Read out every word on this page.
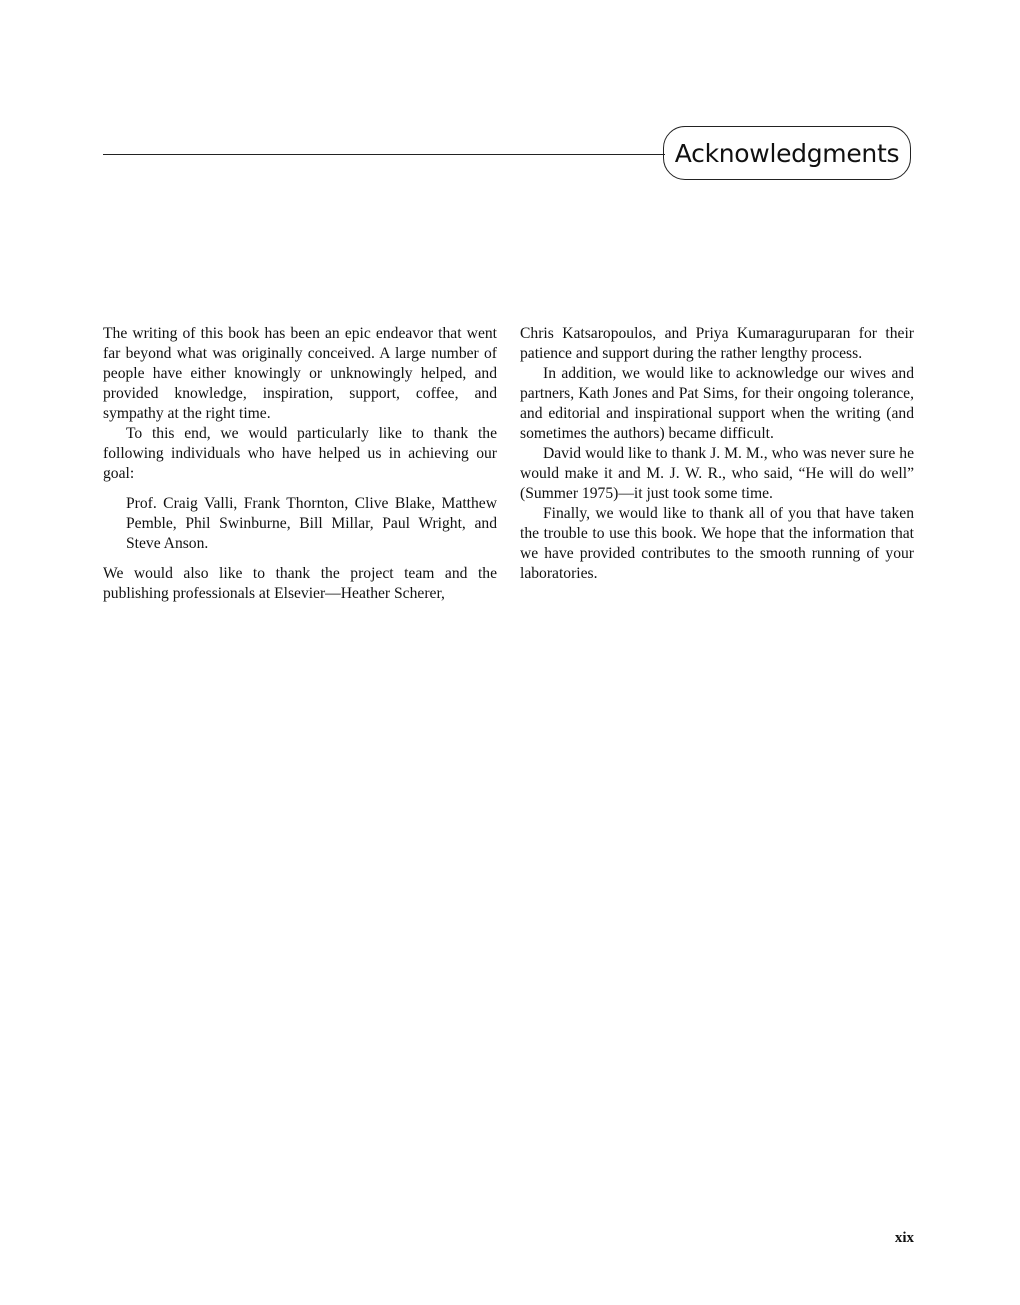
Acknowledgments

The writing of this book has been an epic endeavor that went far beyond what was originally conceived. A large number of people have either knowingly or unknowingly helped, and provided knowledge, inspiration, support, coffee, and sympathy at the right time.

To this end, we would particularly like to thank the following individuals who have helped us in achieving our goal:

Prof. Craig Valli, Frank Thornton, Clive Blake, Matthew Pemble, Phil Swinburne, Bill Millar, Paul Wright, and Steve Anson.

We would also like to thank the project team and the publishing professionals at Elsevier—Heather Scherer,

Chris Katsaropoulos, and Priya Kumaraguruparan for their patience and support during the rather lengthy process.

In addition, we would like to acknowledge our wives and partners, Kath Jones and Pat Sims, for their ongoing tolerance, and editorial and inspirational support when the writing (and sometimes the authors) became difficult.

David would like to thank J. M. M., who was never sure he would make it and M. J. W. R., who said, “He will do well” (Summer 1975)—it just took some time.

Finally, we would like to thank all of you that have taken the trouble to use this book. We hope that the information that we have provided contributes to the smooth running of your laboratories.

xix
